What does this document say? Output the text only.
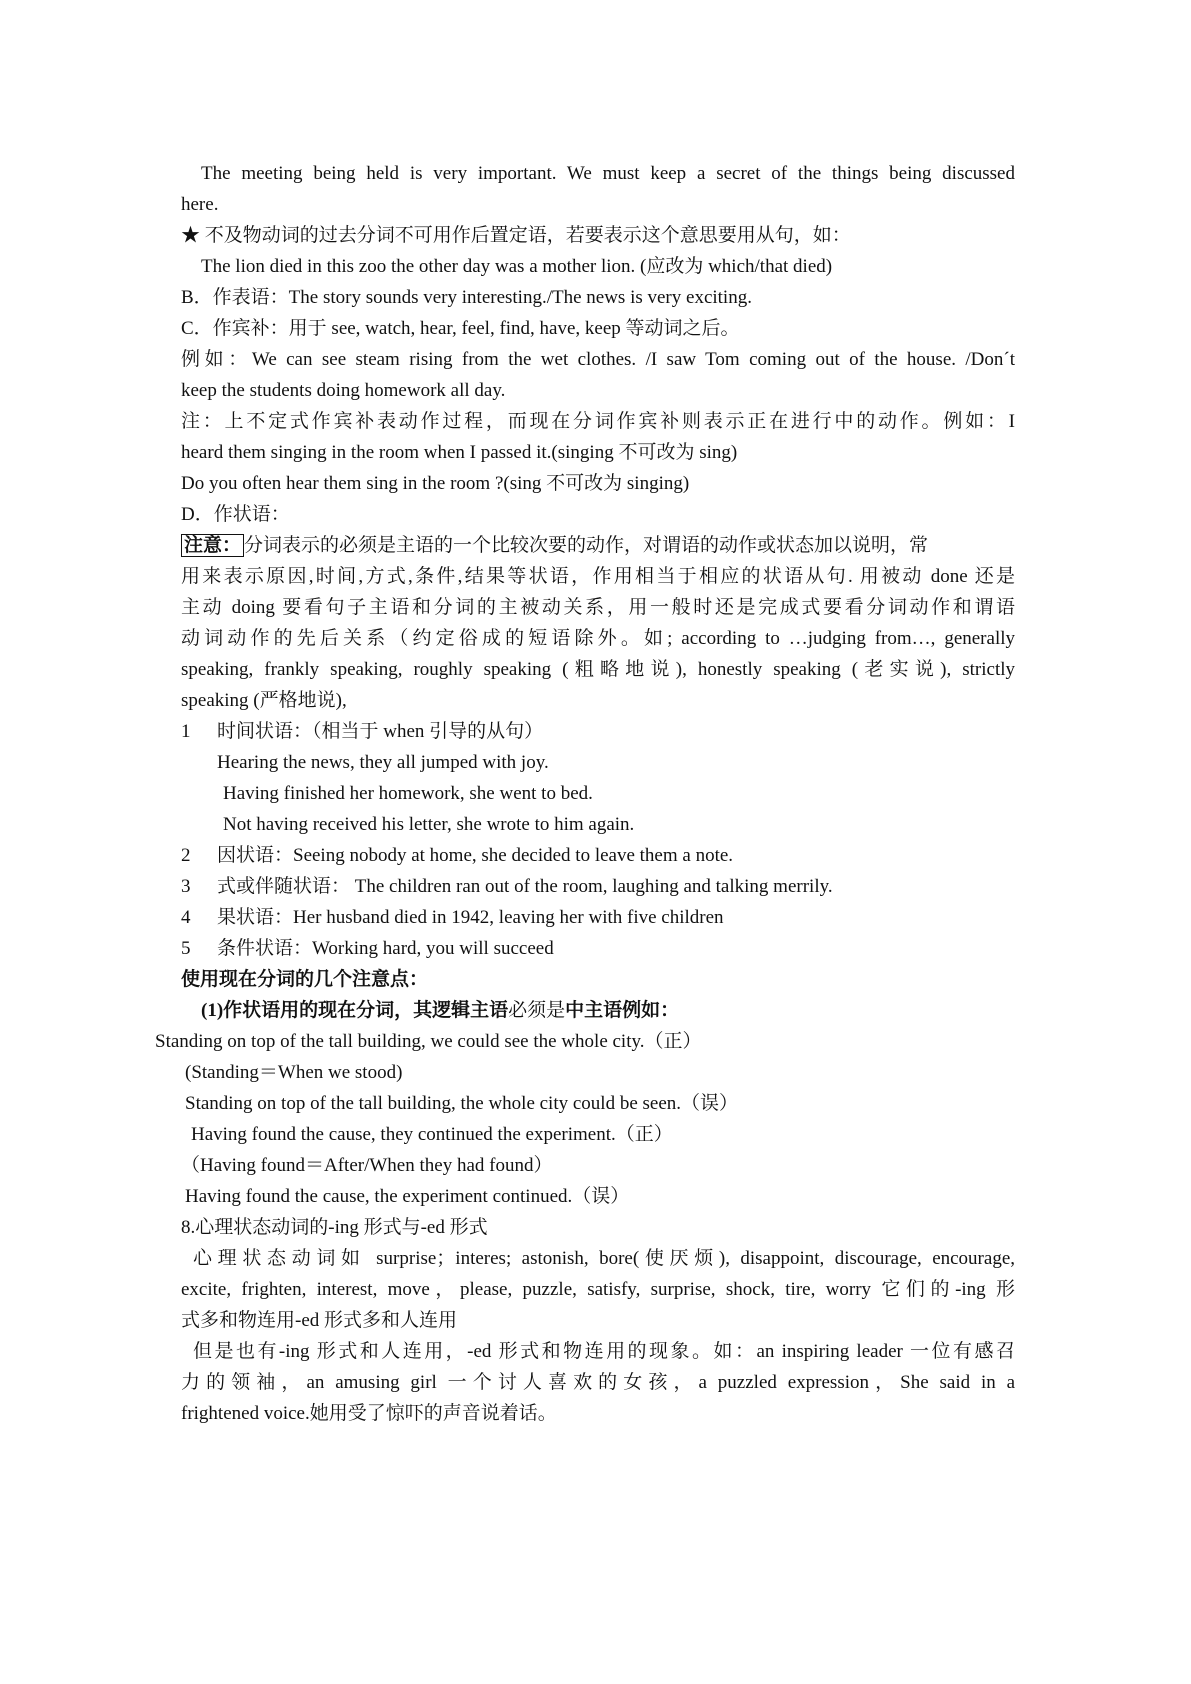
The meeting being held is very important. We must keep a secret of the things being discussed
here.
★ 不及物动词的过去分词不可用作后置定语，若要表示这个意思要用从句，如：
The lion died in this zoo the other day was a mother lion. (应改为 which/that died)
B．作表语：The story sounds very interesting./The news is very exciting.
C．作宾补：用于 see, watch, hear, feel, find, have, keep 等动词之后。
例如：We can see steam rising from the wet clothes. /I saw Tom coming out of the house. /Don´t
keep the students doing homework all day.
注：上不定式作宾补表动作过程，而现在分词作宾补则表示正在进行中的动作。例如：I
heard them singing in the room when I passed it.(singing 不可改为 sing)
Do you often hear them sing in the room ?(sing 不可改为 singing)
D．作状语：
注意： 分词表示的必须是主语的一个比较次要的动作，对谓语的动作或状态加以说明，常
用来表示原因,时间,方式,条件,结果等状语，作用相当于相应的状语从句. 用被动 done 还是
主动 doing 要看句子主语和分词的主被动关系，用一般时还是完成式要看分词动作和谓语
动词动作的先后关系（约定俗成的短语除外。如; according to …judging from…, generally
speaking, frankly speaking, roughly speaking (粗略地说), honestly speaking (老实说), strictly
speaking (严格地说),
1 时间状语：（相当于 when 引导的从句）
Hearing the news, they all jumped with joy.
Having finished her homework, she went to bed.
Not having received his letter, she wrote to him again.
2 因状语：Seeing nobody at home, she decided to leave them a note.
3 式或伴随状语： The children ran out of the room, laughing and talking merrily.
4 果状语：Her husband died in 1942, leaving her with five children
5 条件状语：Working hard, you will succeed
使用现在分词的几个注意点：
(1)作状语用的现在分词，其逻辑主语必须是中主语例如：
Standing on top of the tall building, we could see the whole city.（正）
(Standing＝When we stood)
Standing on top of the tall building, the whole city could be seen.（误）
Having found the cause, they continued the experiment.（正）
（Having found＝After/When they had found）
Having found the cause, the experiment continued.（误）
8.心理状态动词的-ing 形式与-ed 形式
心理状态动词如 surprise；interes; astonish, bore(使厌烦), disappoint, discourage, encourage,
excite, frighten, interest, move，please, puzzle, satisfy, surprise, shock, tire, worry 它们的-ing 形
式多和物连用-ed 形式多和人连用
但是也有-ing 形式和人连用，-ed 形式和物连用的现象。如：an inspiring leader 一位有感召
力的领袖，an amusing girl 一个讨人喜欢的女孩，a puzzled expression，She said in a
frightened voice.她用受了惊吓的声音说着话。
